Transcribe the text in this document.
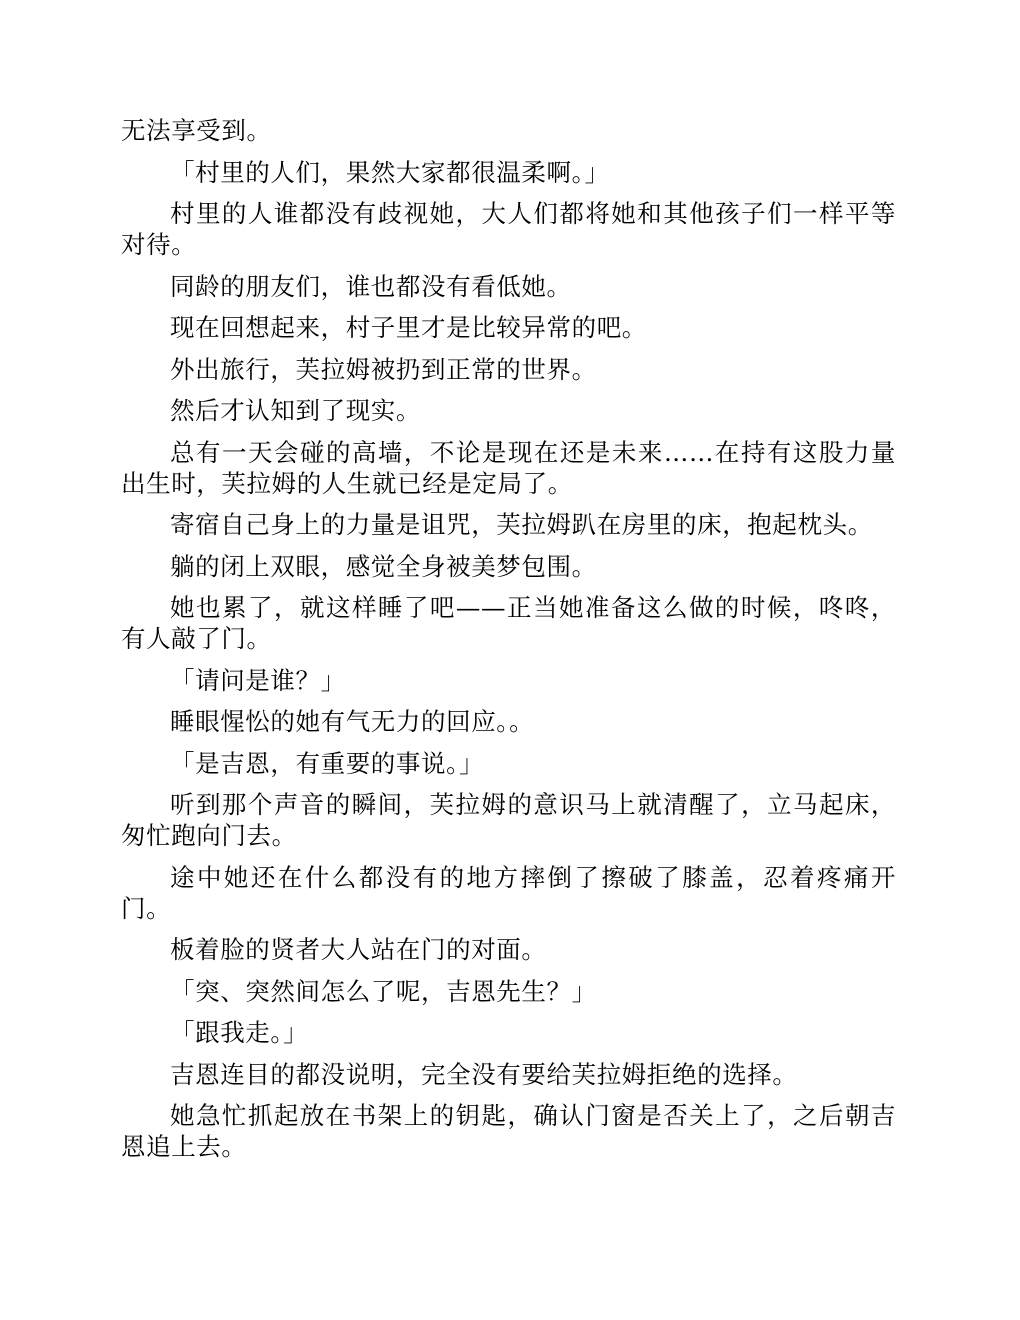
无法享受到。

「村里的人们，果然大家都很温柔啊。」

村里的人谁都没有歧视她，大人们都将她和其他孩子们一样平等对待。

同龄的朋友们，谁也都没有看低她。

现在回想起来，村子里才是比较异常的吧。

外出旅行，芙拉姆被扔到正常的世界。

然后才认知到了现实。

总有一天会碰的高墙，不论是现在还是未来……在持有这股力量出生时，芙拉姆的人生就已经是定局了。

寄宿自己身上的力量是诅咒，芙拉姆趴在房里的床，抱起枕头。

躺的闭上双眼，感觉全身被美梦包围。

她也累了，就这样睡了吧——正当她准备这么做的时候，咚咚，有人敲了门。

「请问是谁？」

睡眼惺忪的她有气无力的回应。。

「是吉恩，有重要的事说。」

听到那个声音的瞬间，芙拉姆的意识马上就清醒了，立马起床，匆忙跑向门去。

途中她还在什么都没有的地方摔倒了擦破了膝盖，忍着疼痛开门。

板着脸的贤者大人站在门的对面。

「突、突然间怎么了呢，吉恩先生？」

「跟我走。」

吉恩连目的都没说明，完全没有要给芙拉姆拒绝的选择。

她急忙抓起放在书架上的钥匙，确认门窗是否关上了，之后朝吉恩追上去。
